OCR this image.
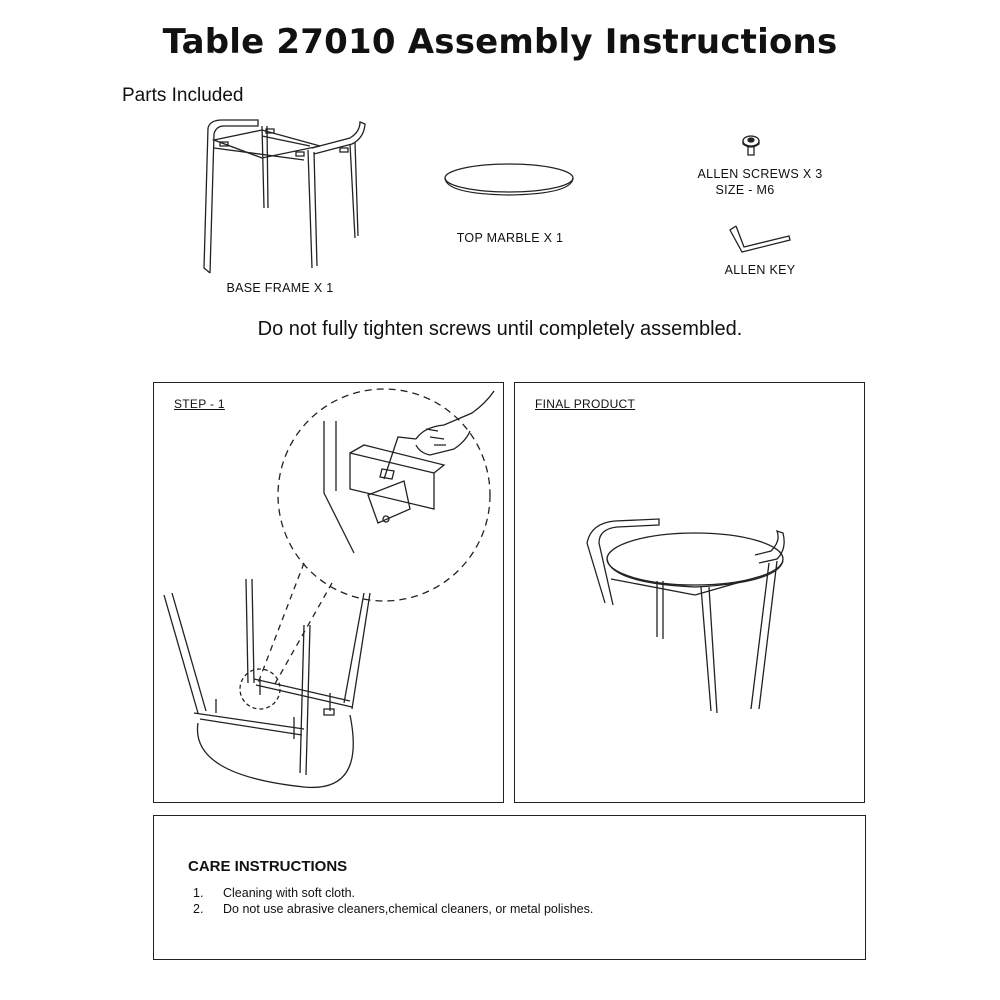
Table 27010 Assembly Instructions
Parts Included
BASE FRAME X 1
TOP MARBLE X 1
ALLEN SCREWS X 3
SIZE - M6
ALLEN KEY
Do not fully tighten screws until completely assembled.
STEP - 1	FINAL PRODUCT
CARE INSTRUCTIONS
1. Cleaning with soft cloth.
2. Do not use abrasive cleaners,chemical cleaners, or metal polishes.
